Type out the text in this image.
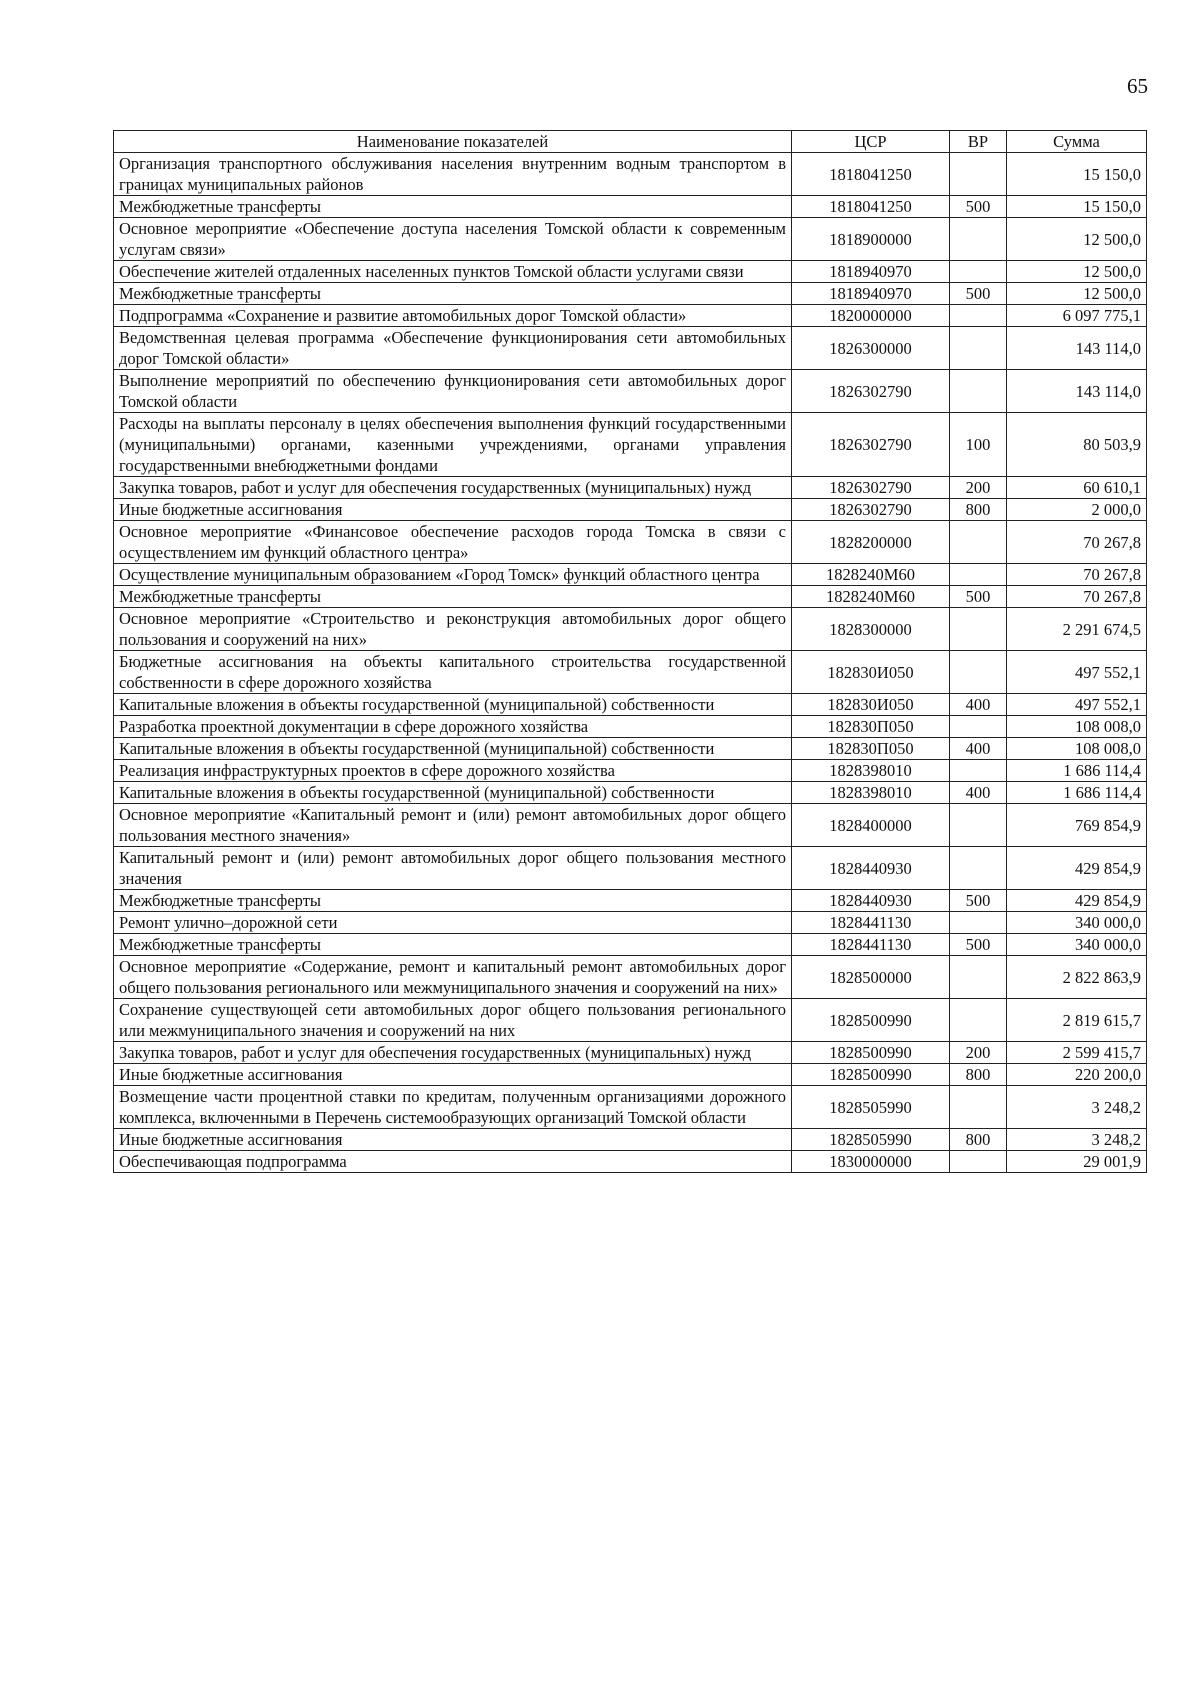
65
Наименование показателей	ЦСР	ВР	Сумма
Организация транспортного обслуживания населения внутренним водным транспортом в границах муниципальных районов	1818041250		15 150,0
Межбюджетные трансферты	1818041250	500	15 150,0
Основное мероприятие «Обеспечение доступа населения Томской области к современным услугам связи»	1818900000		12 500,0
Обеспечение жителей отдаленных населенных пунктов Томской области услугами связи	1818940970		12 500,0
Межбюджетные трансферты	1818940970	500	12 500,0
Подпрограмма «Сохранение и развитие автомобильных дорог Томской области»	1820000000		6 097 775,1
Ведомственная целевая программа «Обеспечение функционирования сети автомобильных дорог Томской области»	1826300000		143 114,0
Выполнение мероприятий по обеспечению функционирования сети автомобильных дорог Томской области	1826302790		143 114,0
Расходы на выплаты персоналу в целях обеспечения выполнения функций государственными (муниципальными) органами, казенными учреждениями, органами управления государственными внебюджетными фондами	1826302790	100	80 503,9
Закупка товаров, работ и услуг для обеспечения государственных (муниципальных) нужд	1826302790	200	60 610,1
Иные бюджетные ассигнования	1826302790	800	2 000,0
Основное мероприятие «Финансовое обеспечение расходов города Томска в связи с осуществлением им функций областного центра»	1828200000		70 267,8
Осуществление муниципальным образованием «Город Томск» функций областного центра	1828240М60		70 267,8
Межбюджетные трансферты	1828240М60	500	70 267,8
Основное мероприятие «Строительство и реконструкция автомобильных дорог общего пользования и сооружений на них»	1828300000		2 291 674,5
Бюджетные ассигнования на объекты капитального строительства государственной собственности в сфере дорожного хозяйства	182830И050		497 552,1
Капитальные вложения в объекты государственной (муниципальной) собственности	182830И050	400	497 552,1
Разработка проектной документации в сфере дорожного хозяйства	182830П050		108 008,0
Капитальные вложения в объекты государственной (муниципальной) собственности	182830П050	400	108 008,0
Реализация инфраструктурных проектов в сфере дорожного хозяйства	1828398010		1 686 114,4
Капитальные вложения в объекты государственной (муниципальной) собственности	1828398010	400	1 686 114,4
Основное мероприятие «Капитальный ремонт и (или) ремонт автомобильных дорог общего пользования местного значения»	1828400000		769 854,9
Капитальный ремонт и (или) ремонт автомобильных дорог общего пользования местного значения	1828440930		429 854,9
Межбюджетные трансферты	1828440930	500	429 854,9
Ремонт улично–дорожной сети	1828441130		340 000,0
Межбюджетные трансферты	1828441130	500	340 000,0
Основное мероприятие «Содержание, ремонт и капитальный ремонт автомобильных дорог общего пользования регионального или межмуниципального значения и сооружений на них»	1828500000		2 822 863,9
Сохранение существующей сети автомобильных дорог общего пользования регионального или межмуниципального значения и сооружений на них	1828500990		2 819 615,7
Закупка товаров, работ и услуг для обеспечения государственных (муниципальных) нужд	1828500990	200	2 599 415,7
Иные бюджетные ассигнования	1828500990	800	220 200,0
Возмещение части процентной ставки по кредитам, полученным организациями дорожного комплекса, включенными в Перечень системообразующих организаций Томской области	1828505990		3 248,2
Иные бюджетные ассигнования	1828505990	800	3 248,2
Обеспечивающая подпрограмма	1830000000		29 001,9
